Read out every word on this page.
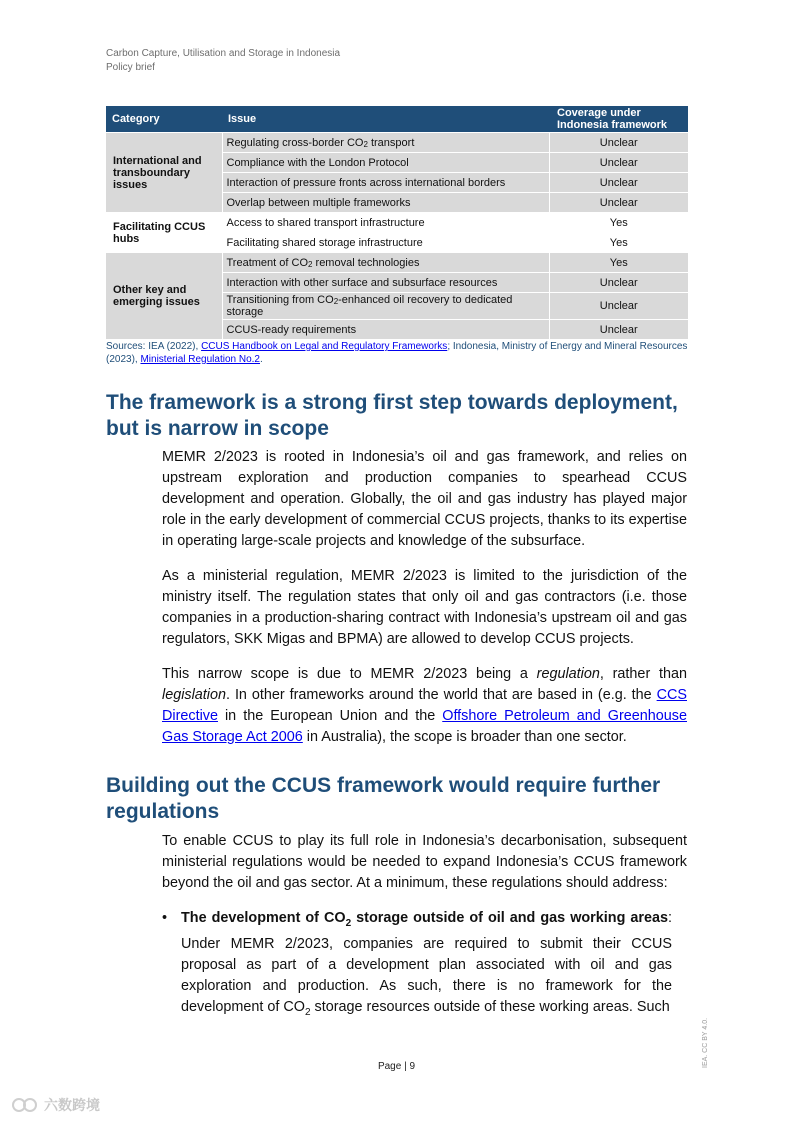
Carbon Capture, Utilisation and Storage in Indonesia
Policy brief
Category	Issue	Coverage under Indonesia framework
International and transboundary issues	Regulating cross-border $CO_2$ transport	Unclear
	Compliance with the London Protocol	Unclear
	Interaction of pressure fronts across international borders	Unclear
	Overlap between multiple frameworks	Unclear
Facilitating CCUS hubs	Access to shared transport infrastructure	Yes
	Facilitating shared storage infrastructure	Yes
Other key and emerging issues	Treatment of $CO_2$ removal technologies	Yes
	Interaction with other surface and subsurface resources	Unclear
	Transitioning from $CO_2$-enhanced oil recovery to dedicated storage	Unclear
	CCUS-ready requirements	Unclear
Sources: IEA (2022), CCUS Handbook on Legal and Regulatory Frameworks; Indonesia, Ministry of Energy and Mineral Resources (2023), Ministerial Regulation No.2.
The framework is a strong first step towards deployment, but is narrow in scope

MEMR 2/2023 is rooted in Indonesia’s oil and gas framework, and relies on upstream exploration and production companies to spearhead CCUS development and operation. Globally, the oil and gas industry has played major role in the early development of commercial CCUS projects, thanks to its expertise in operating large-scale projects and knowledge of the subsurface.

As a ministerial regulation, MEMR 2/2023 is limited to the jurisdiction of the ministry itself. The regulation states that only oil and gas contractors (i.e. those companies in a production-sharing contract with Indonesia’s upstream oil and gas regulators, SKK Migas and BPMA) are allowed to develop CCUS projects.

This narrow scope is due to MEMR 2/2023 being a regulation, rather than legislation. In other frameworks around the world that are based in (e.g. the CCS Directive in the European Union and the Offshore Petroleum and Greenhouse Gas Storage Act 2006 in Australia), the scope is broader than one sector.

Building out the CCUS framework would require further regulations

To enable CCUS to play its full role in Indonesia’s decarbonisation, subsequent ministerial regulations would be needed to expand Indonesia’s CCUS framework beyond the oil and gas sector. At a minimum, these regulations should address:

• The development of $CO_2$ storage outside of oil and gas working areas: Under MEMR 2/2023, companies are required to submit their CCUS proposal as part of a development plan associated with oil and gas exploration and production. As such, there is no framework for the development of $CO_2$ storage resources outside of these working areas. Such
Page | 9	IEA. CC BY 4.0.
六数跨境
